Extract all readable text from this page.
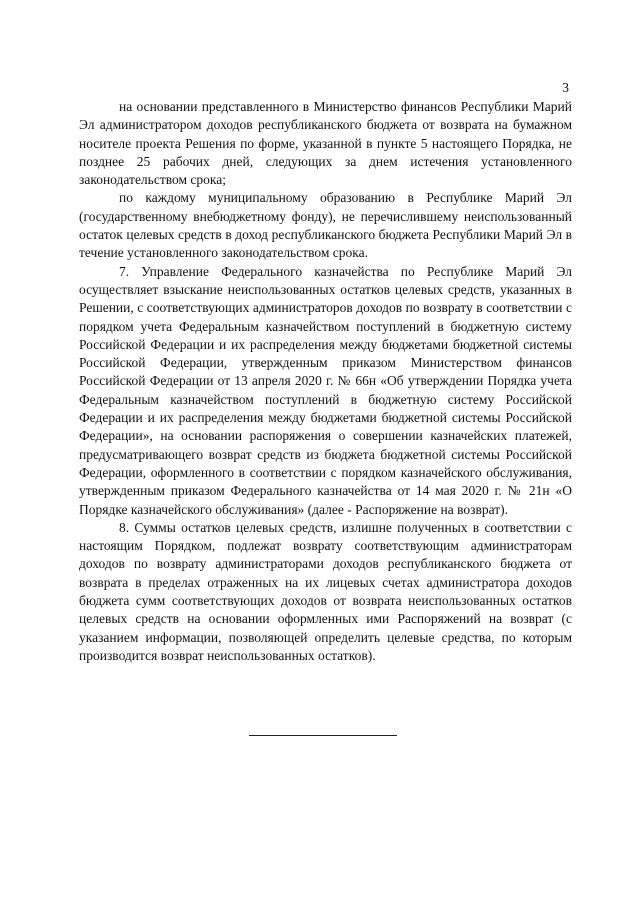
3

на основании представленного в Министерство финансов Республики Марий Эл администратором доходов республиканского бюджета от возврата на бумажном носителе проекта Решения по форме, указанной в пункте 5 настоящего Порядка, не позднее 25 рабочих дней, следующих за днем истечения установленного законодательством срока;

по каждому муниципальному образованию в Республике Марий Эл (государственному внебюджетному фонду), не перечислившему неиспользованный остаток целевых средств в доход республиканского бюджета Республики Марий Эл в течение установленного законодательством срока.

7. Управление Федерального казначейства по Республике Марий Эл осуществляет взыскание неиспользованных остатков целевых средств, указанных в Решении, с соответствующих администраторов доходов по возврату в соответствии с порядком учета Федеральным казначейством поступлений в бюджетную систему Российской Федерации и их распределения между бюджетами бюджетной системы Российской Федерации, утвержденным приказом Министерством финансов Российской Федерации от 13 апреля 2020 г. № 66н «Об утверждении Порядка учета Федеральным казначейством поступлений в бюджетную систему Российской Федерации и их распределения между бюджетами бюджетной системы Российской Федерации», на основании распоряжения о совершении казначейских платежей, предусматривающего возврат средств из бюджета бюджетной системы Российской Федерации, оформленного в соответствии с порядком казначейского обслуживания, утвержденным приказом Федерального казначейства от 14 мая 2020 г. № 21н «О Порядке казначейского обслуживания» (далее - Распоряжение на возврат).

8. Суммы остатков целевых средств, излишне полученных в соответствии с настоящим Порядком, подлежат возврату соответствующим администраторам доходов по возврату администраторами доходов республиканского бюджета от возврата в пределах отраженных на их лицевых счетах администратора доходов бюджета сумм соответствующих доходов от возврата неиспользованных остатков целевых средств на основании оформленных ими Распоряжений на возврат (с указанием информации, позволяющей определить целевые средства, по которым производится возврат неиспользованных остатков).
